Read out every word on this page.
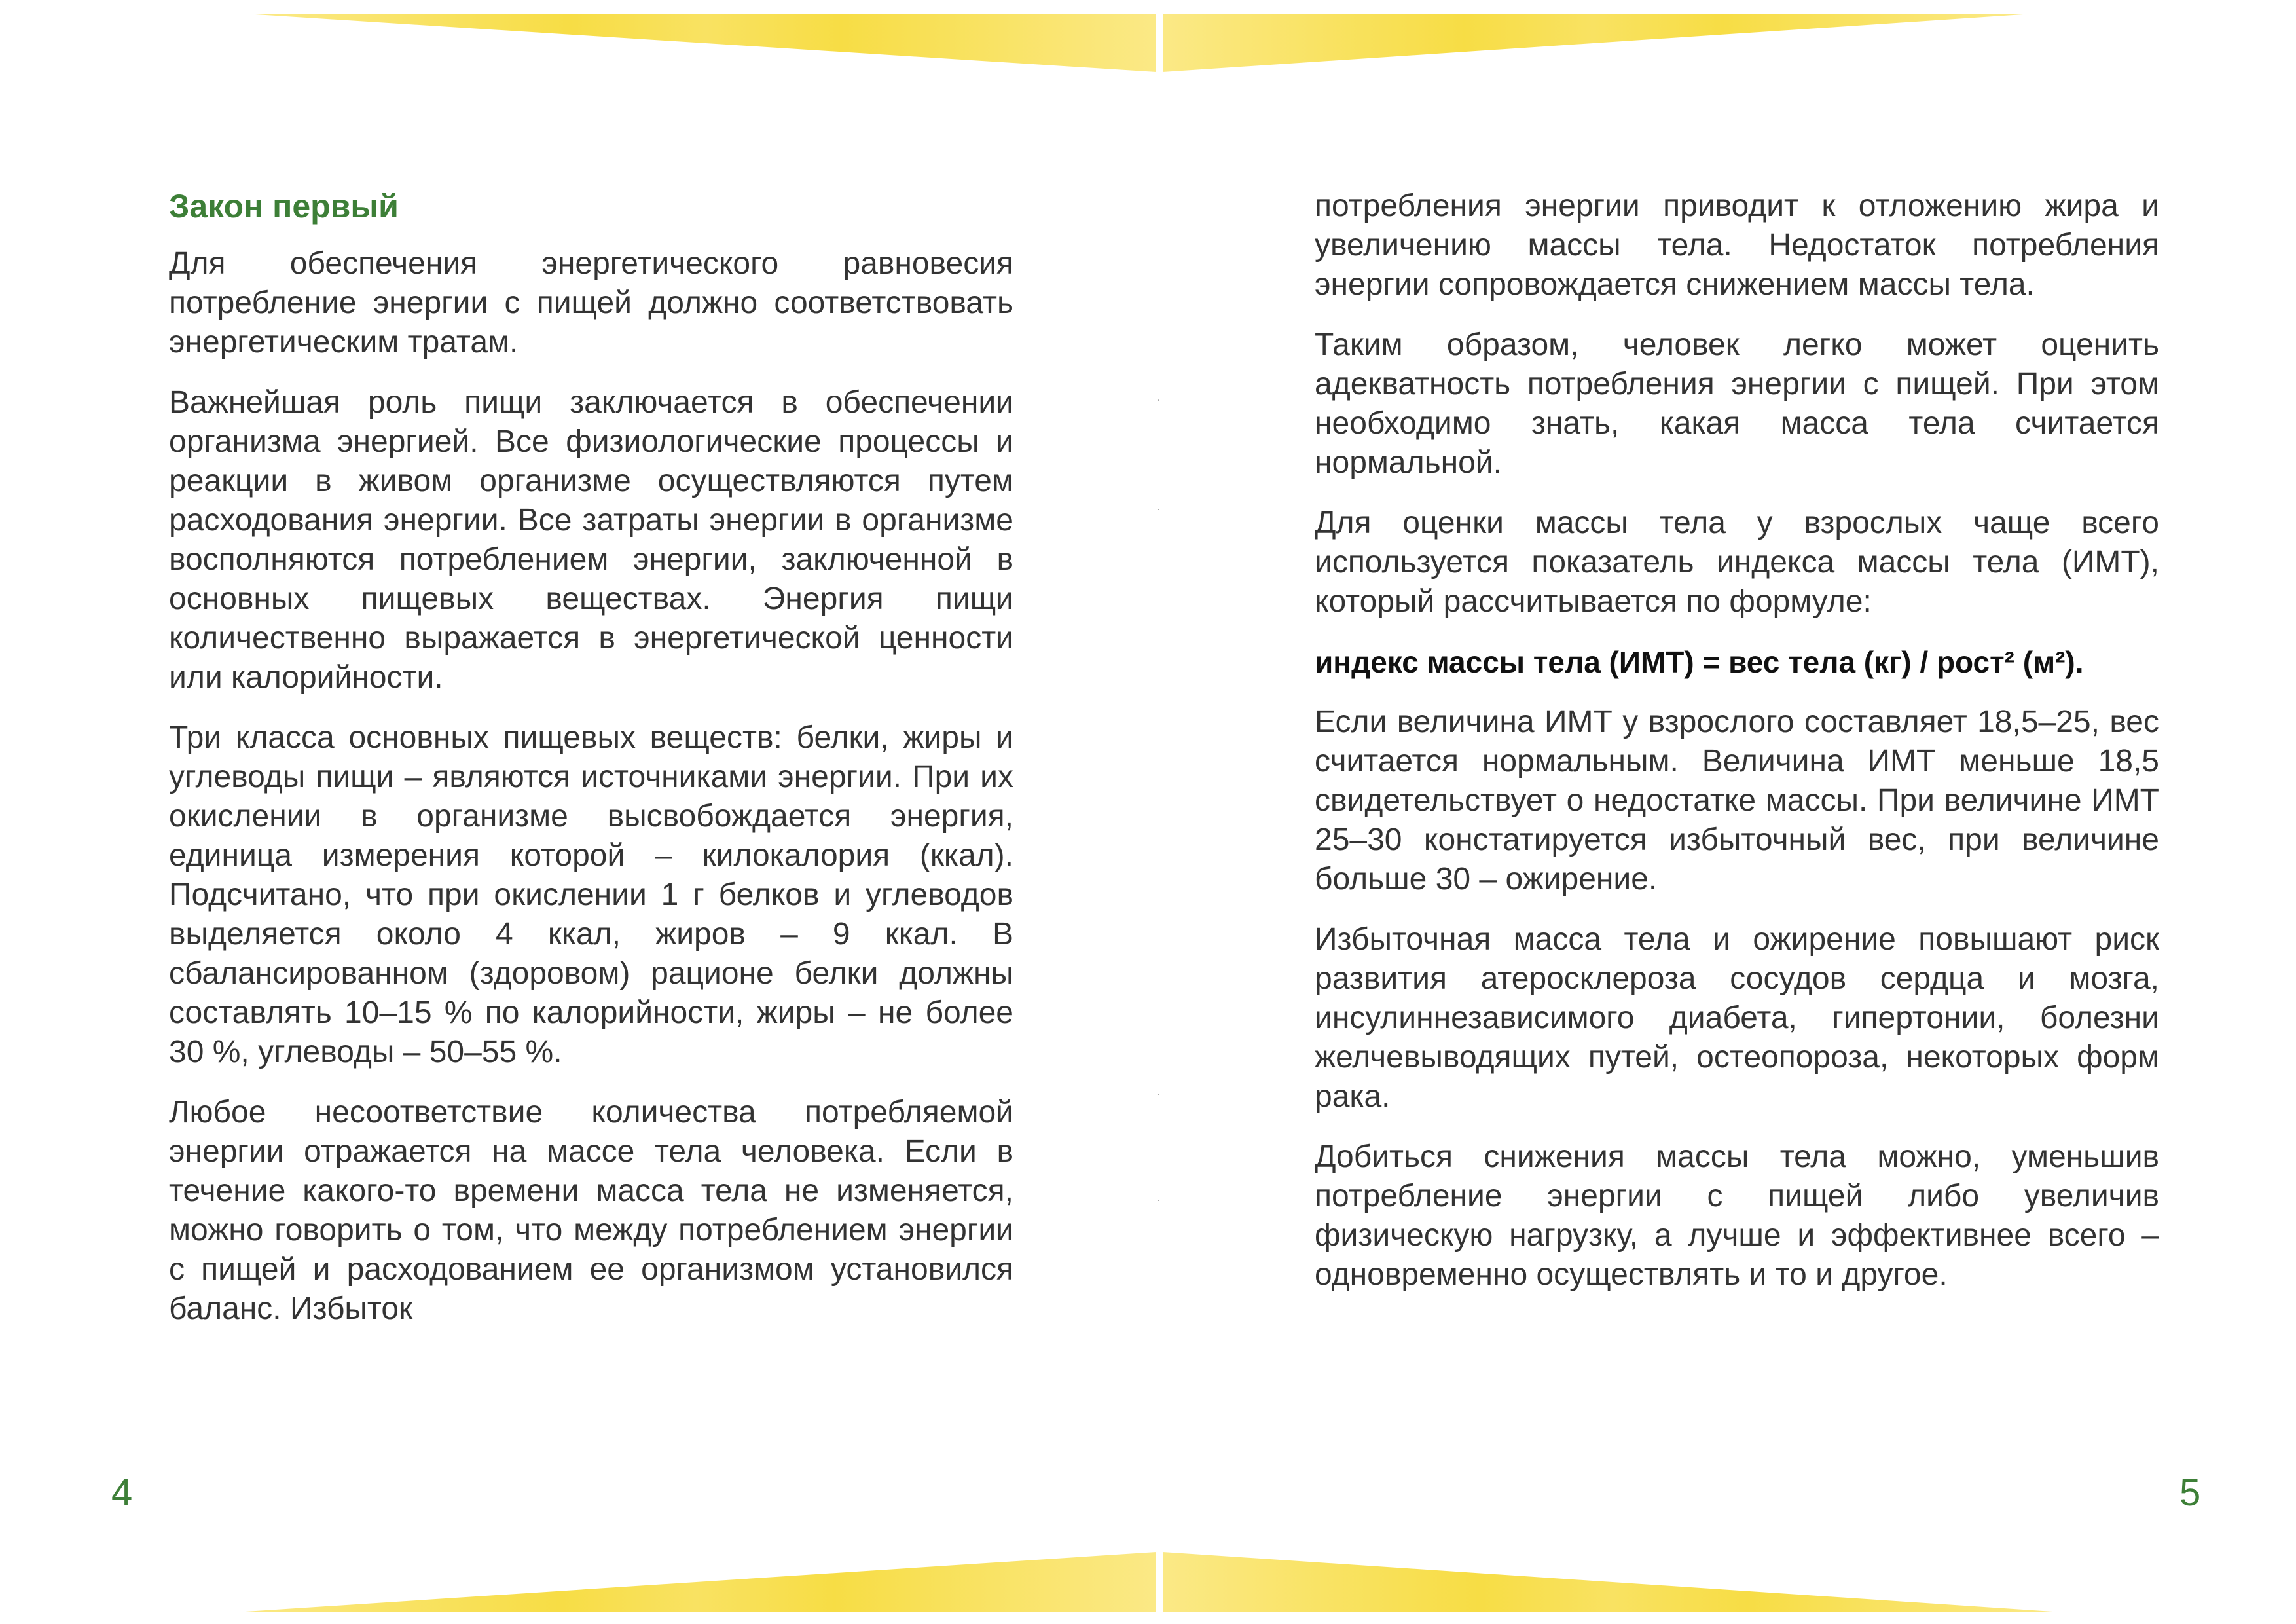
·
·
·
·
Закон первый
Для обеспечения энергетического равновесия потребление энергии с пищей должно соответствовать энергетическим тратам.
Важнейшая роль пищи заключается в обеспечении организма энергией. Все физиологические процессы и реакции в живом организме осуществляются путем расходования энергии. Все затраты энергии в организме восполняются потреблением энергии, заключенной в основных пищевых веществах. Энергия пищи количественно выражается в энергетической ценности или калорийности.
Три класса основных пищевых веществ: белки, жиры и углеводы пищи – являются источниками энергии. При их окислении в организме высвобождается энергия, единица измерения которой – килокалория (ккал). Подсчитано, что при окислении 1 г белков и углеводов выделяется около 4 ккал, жиров – 9 ккал. В сбалансированном (здоровом) рационе белки должны составлять 10–15 % по калорийности, жиры – не более 30 %, углеводы – 50–55 %.
Любое несоответствие количества потребляемой энергии отражается на массе тела человека. Если в течение какого-то времени масса тела не изменяется, можно говорить о том, что между потреблением энергии с пищей и расходованием ее организмом установился баланс. Избыток
4
потребления энергии приводит к отложению жира и увеличению массы тела. Недостаток потребления энергии сопровождается снижением массы тела.
Таким образом, человек легко может оценить адекватность потребления энергии с пищей. При этом необходимо знать, какая масса тела считается нормальной.
Для оценки массы тела у взрослых чаще всего используется показатель индекса массы тела (ИМТ), который рассчитывается по формуле:
индекс массы тела (ИМТ) = вес тела (кг) / рост² (м²).
Если величина ИМТ у взрослого составляет 18,5–25, вес считается нормальным. Величина ИМТ меньше 18,5 свидетельствует о недостатке массы. При величине ИМТ 25–30 констатируется избыточный вес, при величине больше 30 – ожирение.
Избыточная масса тела и ожирение повышают риск развития атеросклероза сосудов сердца и мозга, инсулиннезависимого диабета, гипертонии, болезни желчевыводящих путей, остеопороза, некоторых форм рака.
Добиться снижения массы тела можно, уменьшив потребление энергии с пищей либо увеличив физическую нагрузку, а лучше и эффективнее всего – одновременно осуществлять и то и другое.
5
